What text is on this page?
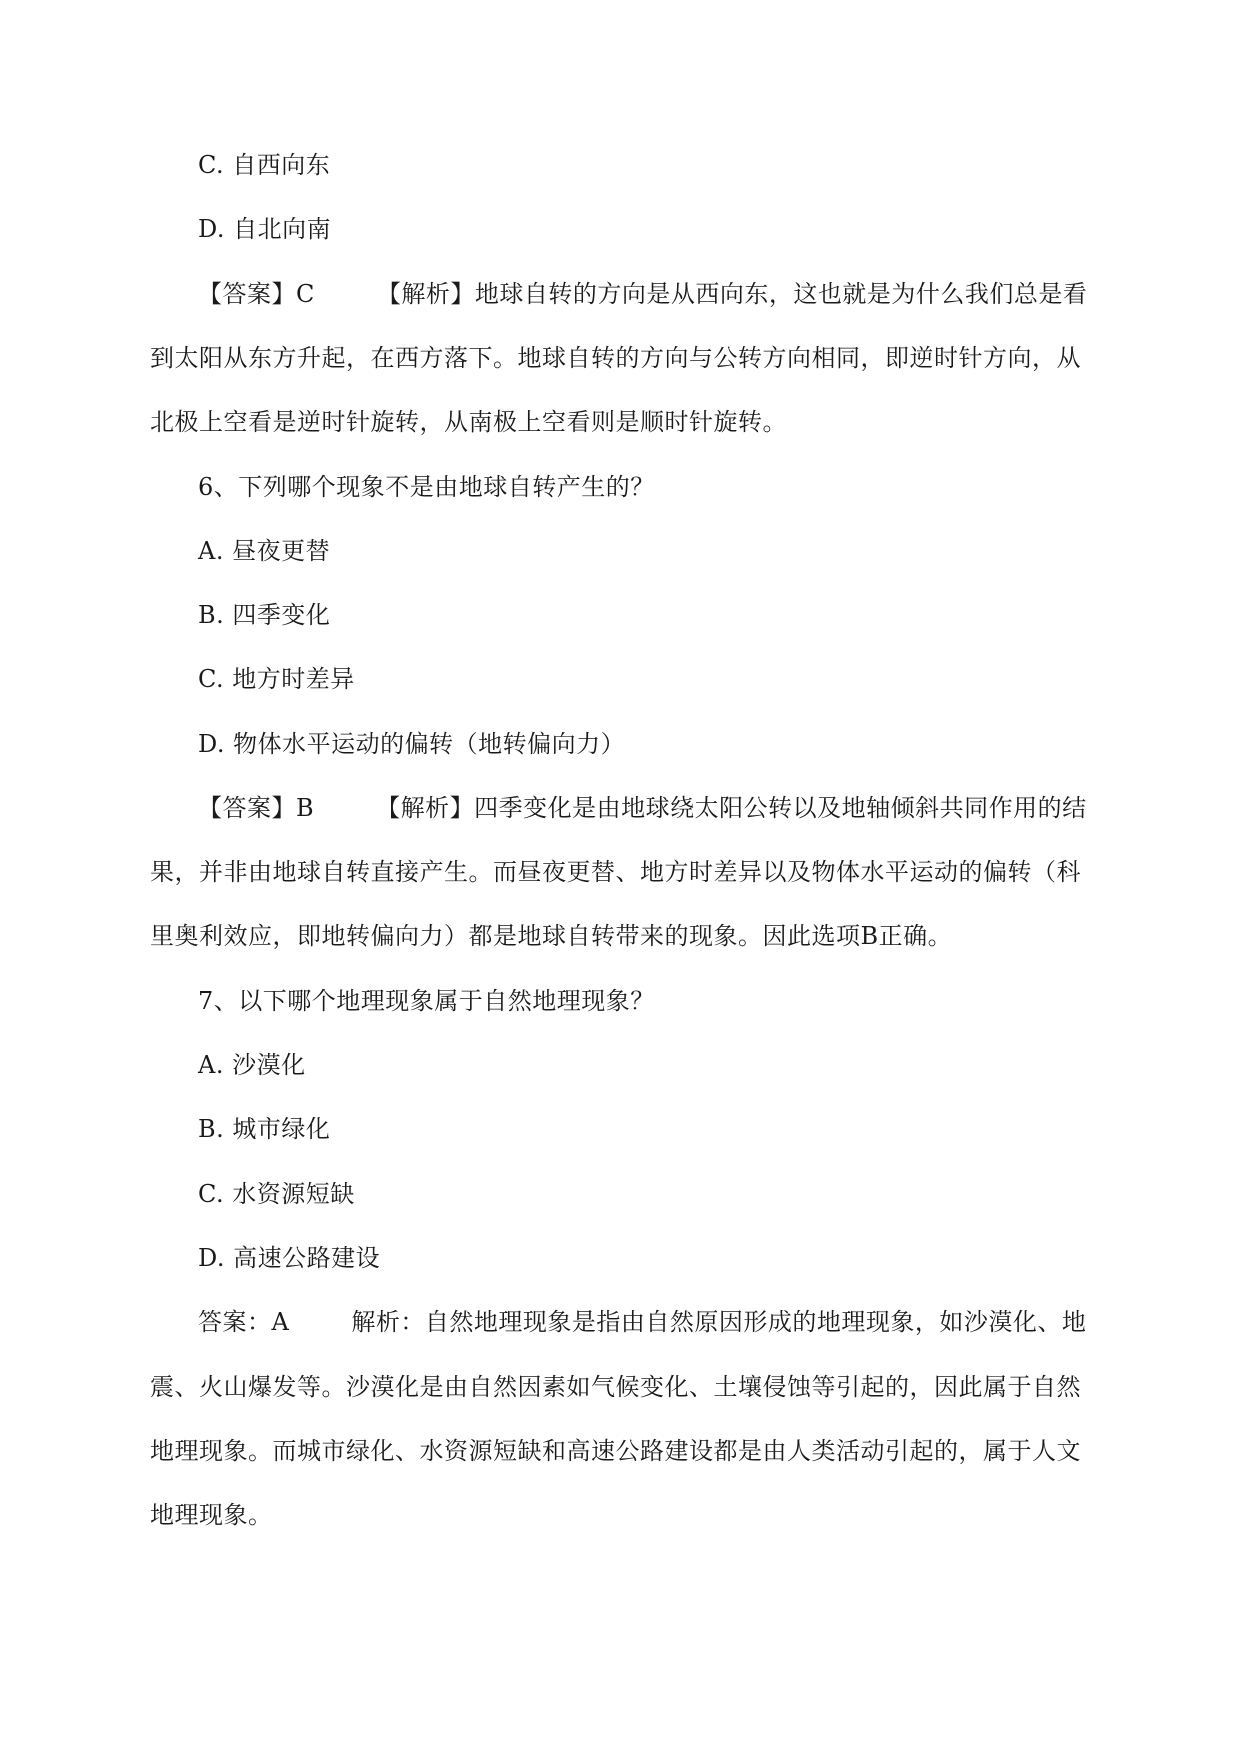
C. 自西向东
D. 自北向南
【答案】C	【解析】地球自转的方向是从西向东，这也就是为什么我们总是看
到太阳从东方升起，在西方落下。地球自转的方向与公转方向相同，即逆时针方向，从
北极上空看是逆时针旋转，从南极上空看则是顺时针旋转。
6、下列哪个现象不是由地球自转产生的？
A. 昼夜更替
B. 四季变化
C. 地方时差异
D. 物体水平运动的偏转（地转偏向力）
【答案】B	【解析】四季变化是由地球绕太阳公转以及地轴倾斜共同作用的结
果，并非由地球自转直接产生。而昼夜更替、地方时差异以及物体水平运动的偏转（科
里奥利效应，即地转偏向力）都是地球自转带来的现象。因此选项B正确。
7、以下哪个地理现象属于自然地理现象？
A. 沙漠化
B. 城市绿化
C. 水资源短缺
D. 高速公路建设
答案：A	解析：自然地理现象是指由自然原因形成的地理现象，如沙漠化、地
震、火山爆发等。沙漠化是由自然因素如气候变化、土壤侵蚀等引起的，因此属于自然
地理现象。而城市绿化、水资源短缺和高速公路建设都是由人类活动引起的，属于人文
地理现象。
